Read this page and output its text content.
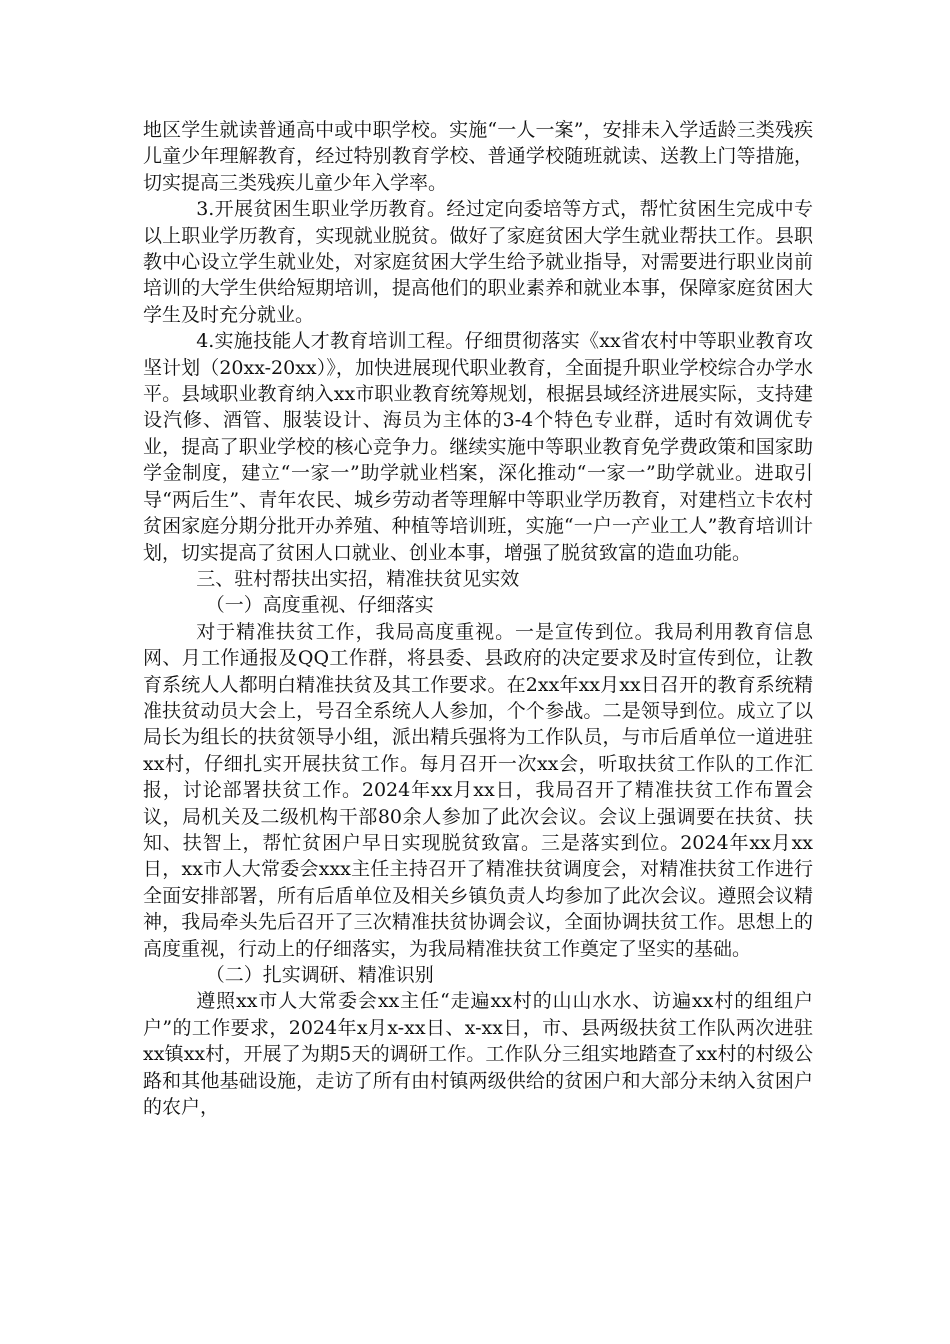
地区学生就读普通高中或中职学校。实施“一人一案”，安排未入学适龄三类残疾儿童少年理解教育，经过特别教育学校、普通学校随班就读、送教上门等措施，切实提高三类残疾儿童少年入学率。

3.开展贫困生职业学历教育。经过定向委培等方式，帮忙贫困生完成中专以上职业学历教育，实现就业脱贫。做好了家庭贫困大学生就业帮扶工作。县职教中心设立学生就业处，对家庭贫困大学生给予就业指导，对需要进行职业岗前培训的大学生供给短期培训，提高他们的职业素养和就业本事，保障家庭贫困大学生及时充分就业。

4.实施技能人才教育培训工程。仔细贯彻落实《xx省农村中等职业教育攻坚计划（20xx-20xx）》，加快进展现代职业教育，全面提升职业学校综合办学水平。县域职业教育纳入xx市职业教育统筹规划，根据县域经济进展实际，支持建设汽修、酒管、服装设计、海员为主体的3-4个特色专业群，适时有效调优专业，提高了职业学校的核心竞争力。继续实施中等职业教育免学费政策和国家助学金制度，建立“一家一”助学就业档案，深化推动“一家一”助学就业。进取引导“两后生”、青年农民、城乡劳动者等理解中等职业学历教育，对建档立卡农村贫困家庭分期分批开办养殖、种植等培训班，实施“一户一产业工人”教育培训计划，切实提高了贫困人口就业、创业本事，增强了脱贫致富的造血功能。

三、驻村帮扶出实招，精准扶贫见实效

（一）高度重视、仔细落实

对于精准扶贫工作，我局高度重视。一是宣传到位。我局利用教育信息网、月工作通报及QQ工作群，将县委、县政府的决定要求及时宣传到位，让教育系统人人都明白精准扶贫及其工作要求。在2xx年xx月xx日召开的教育系统精准扶贫动员大会上，号召全系统人人参加，个个参战。二是领导到位。成立了以局长为组长的扶贫领导小组，派出精兵强将为工作队员，与市后盾单位一道进驻xx村，仔细扎实开展扶贫工作。每月召开一次xx会，听取扶贫工作队的工作汇报，讨论部署扶贫工作。2024年xx月xx日，我局召开了精准扶贫工作布置会议，局机关及二级机构干部80余人参加了此次会议。会议上强调要在扶贫、扶知、扶智上，帮忙贫困户早日实现脱贫致富。三是落实到位。2024年xx月xx日，xx市人大常委会xxx主任主持召开了精准扶贫调度会，对精准扶贫工作进行全面安排部署，所有后盾单位及相关乡镇负责人均参加了此次会议。遵照会议精神，我局牵头先后召开了三次精准扶贫协调会议，全面协调扶贫工作。思想上的高度重视，行动上的仔细落实，为我局精准扶贫工作奠定了坚实的基础。

（二）扎实调研、精准识别

遵照xx市人大常委会xx主任“走遍xx村的山山水水、访遍xx村的组组户户”的工作要求，2024年x月x-xx日、x-xx日，市、县两级扶贫工作队两次进驻xx镇xx村，开展了为期5天的调研工作。工作队分三组实地踏查了xx村的村级公路和其他基础设施，走访了所有由村镇两级供给的贫困户和大部分未纳入贫困户的农户，
